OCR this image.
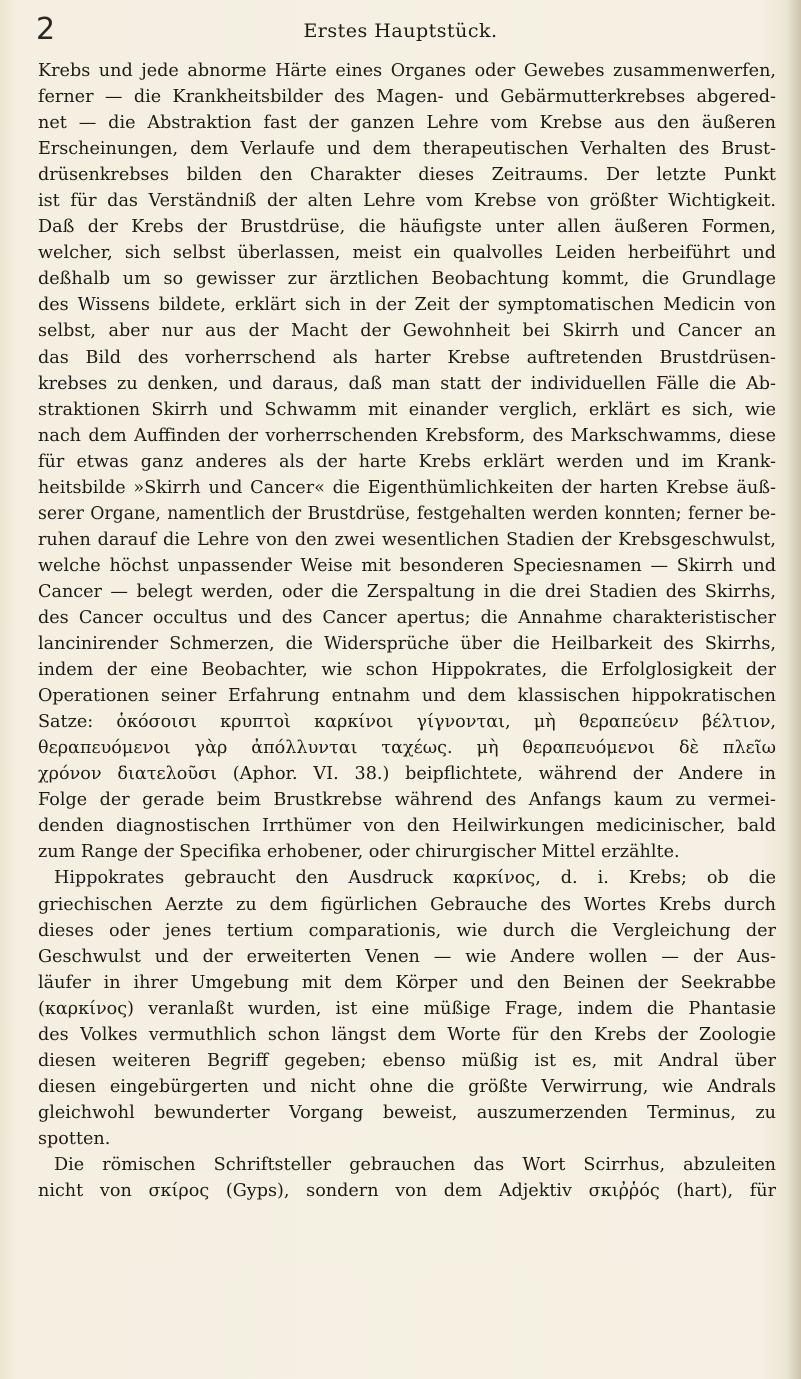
2	Erstes Hauptstück.
Krebs und jede abnorme Härte eines Organes oder Gewebes zusammenwerfen,
ferner — die Krankheitsbilder des Magen- und Gebärmutterkrebses abgered-
net — die Abstraktion fast der ganzen Lehre vom Krebse aus den äußeren
Erscheinungen, dem Verlaufe und dem therapeutischen Verhalten des Brust-
drüsenkrebses bilden den Charakter dieses Zeitraums. Der letzte Punkt
ist für das Verständniß der alten Lehre vom Krebse von größter Wichtigkeit.
Daß der Krebs der Brustdrüse, die häufigste unter allen äußeren Formen,
welcher, sich selbst überlassen, meist ein qualvolles Leiden herbeiführt und
deßhalb um so gewisser zur ärztlichen Beobachtung kommt, die Grundlage
des Wissens bildete, erklärt sich in der Zeit der symptomatischen Medicin von
selbst, aber nur aus der Macht der Gewohnheit bei Skirrh und Cancer an
das Bild des vorherrschend als harter Krebse auftretenden Brustdrüsen-
krebses zu denken, und daraus, daß man statt der individuellen Fälle die Ab-
straktionen Skirrh und Schwamm mit einander verglich, erklärt es sich, wie
nach dem Auffinden der vorherrschenden Krebsform, des Markschwamms, diese
für etwas ganz anderes als der harte Krebs erklärt werden und im Krank-
heitsbilde »Skirrh und Cancer« die Eigenthümlichkeiten der harten Krebse äuß-
serer Organe, namentlich der Brustdrüse, festgehalten werden konnten; ferner be-
ruhen darauf die Lehre von den zwei wesentlichen Stadien der Krebsgeschwulst,
welche höchst unpassender Weise mit besonderen Speciesnamen — Skirrh und
Cancer — belegt werden, oder die Zerspaltung in die drei Stadien des Skirrhs,
des Cancer occultus und des Cancer apertus; die Annahme charakteristischer
lancinirender Schmerzen, die Widersprüche über die Heilbarkeit des Skirrhs,
indem der eine Beobachter, wie schon Hippokrates, die Erfolglosigkeit der
Operationen seiner Erfahrung entnahm und dem klassischen hippokratischen
Satze: ὁκόσοισι κρυπτοὶ καρκίνοι γίγνονται, μὴ θεραπεύειν βέλτιον,
θεραπευόμενοι γὰρ ἀπόλλυνται ταχέως. μὴ θεραπευόμενοι δὲ πλεῖω
χρόνον διατελοῦσι (Aphor. VI. 38.) beipflichtete, während der Andere in
Folge der gerade beim Brustkrebse während des Anfangs kaum zu vermei-
denden diagnostischen Irrthümer von den Heilwirkungen medicinischer, bald
zum Range der Specifika erhobener, oder chirurgischer Mittel erzählte.
Hippokrates gebraucht den Ausdruck καρκίνος, d. i. Krebs; ob die
griechischen Aerzte zu dem figürlichen Gebrauche des Wortes Krebs durch
dieses oder jenes tertium comparationis, wie durch die Vergleichung der
Geschwulst und der erweiterten Venen — wie Andere wollen — der Aus-
läufer in ihrer Umgebung mit dem Körper und den Beinen der Seekrabbe
(καρκίνος) veranlaßt wurden, ist eine müßige Frage, indem die Phantasie
des Volkes vermuthlich schon längst dem Worte für den Krebs der Zoologie
diesen weiteren Begriff gegeben; ebenso müßig ist es, mit Andral über
diesen eingebürgerten und nicht ohne die größte Verwirrung, wie Andrals
gleichwohl bewunderter Vorgang beweist, auszumerzenden Terminus, zu
spotten.
Die römischen Schriftsteller gebrauchen das Wort Scirrhus, abzuleiten
nicht von σκίρος (Gyps), sondern von dem Adjektiv σκιῤῥός (hart), für
